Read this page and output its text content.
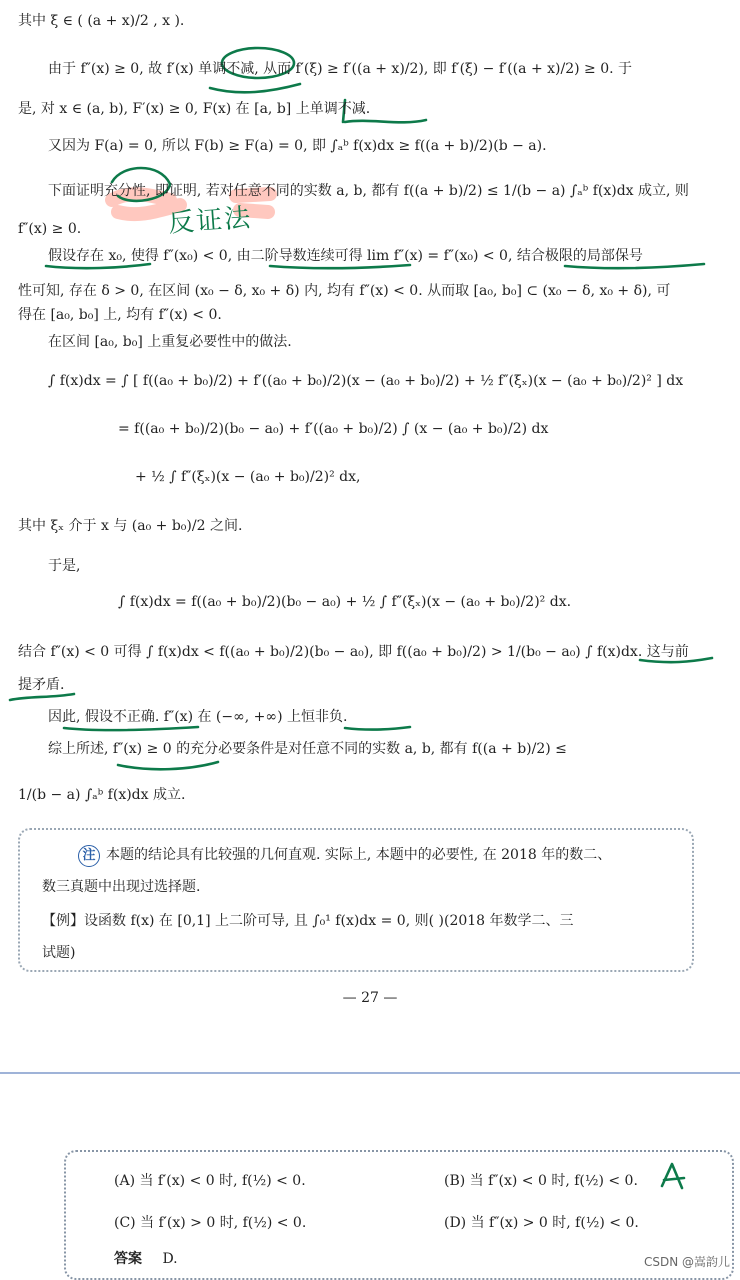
反证法
其中 ξ ∈ ( (a + x)/2 , x ).
由于 f″(x) ≥ 0, 故 f′(x) 单调不减, 从而 f′(ξ) ≥ f′((a + x)/2), 即 f′(ξ) − f′((a + x)/2) ≥ 0. 于
是, 对 x ∈ (a, b), F′(x) ≥ 0, F(x) 在 [a, b] 上单调不减.
又因为 F(a) = 0, 所以 F(b) ≥ F(a) = 0, 即 ∫ₐᵇ f(x)dx ≥ f((a + b)/2)(b − a).
下面证明充分性, 即证明, 若对任意不同的实数 a, b, 都有 f((a + b)/2) ≤ 1/(b − a) ∫ₐᵇ f(x)dx 成立, 则
f″(x) ≥ 0.
假设存在 x₀, 使得 f″(x₀) < 0, 由二阶导数连续可得 lim f″(x) = f″(x₀) < 0, 结合极限的局部保号
性可知, 存在 δ > 0, 在区间 (x₀ − δ, x₀ + δ) 内, 均有 f″(x) < 0. 从而取 [a₀, b₀] ⊂ (x₀ − δ, x₀ + δ), 可
得在 [a₀, b₀] 上, 均有 f″(x) < 0.
在区间 [a₀, b₀] 上重复必要性中的做法.
∫ f(x)dx = ∫ [ f((a₀ + b₀)/2) + f′((a₀ + b₀)/2)(x − (a₀ + b₀)/2) + ½ f″(ξₓ)(x − (a₀ + b₀)/2)² ] dx
= f((a₀ + b₀)/2)(b₀ − a₀) + f′((a₀ + b₀)/2) ∫ (x − (a₀ + b₀)/2) dx
+ ½ ∫ f″(ξₓ)(x − (a₀ + b₀)/2)² dx,
其中 ξₓ 介于 x 与 (a₀ + b₀)/2 之间.
于是,
∫ f(x)dx = f((a₀ + b₀)/2)(b₀ − a₀) + ½ ∫ f″(ξₓ)(x − (a₀ + b₀)/2)² dx.
结合 f″(x) < 0 可得 ∫ f(x)dx < f((a₀ + b₀)/2)(b₀ − a₀), 即 f((a₀ + b₀)/2) > 1/(b₀ − a₀) ∫ f(x)dx. 这与前
提矛盾.
因此, 假设不正确. f″(x) 在 (−∞, +∞) 上恒非负.
综上所述, f″(x) ≥ 0 的充分必要条件是对任意不同的实数 a, b, 都有 f((a + b)/2) ≤
1/(b − a) ∫ₐᵇ f(x)dx 成立.
注 本题的结论具有比较强的几何直观. 实际上, 本题中的必要性, 在 2018 年的数二、
数三真题中出现过选择题.
【例】设函数 f(x) 在 [0,1] 上二阶可导, 且 ∫₀¹ f(x)dx = 0, 则( )(2018 年数学二、三
试题)
— 27 —
(A) 当 f′(x) < 0 时, f(½) < 0.	(B) 当 f″(x) < 0 时, f(½) < 0.
(C) 当 f′(x) > 0 时, f(½) < 0.	(D) 当 f″(x) > 0 时, f(½) < 0.
答案 D.	CSDN @嵩韵儿
